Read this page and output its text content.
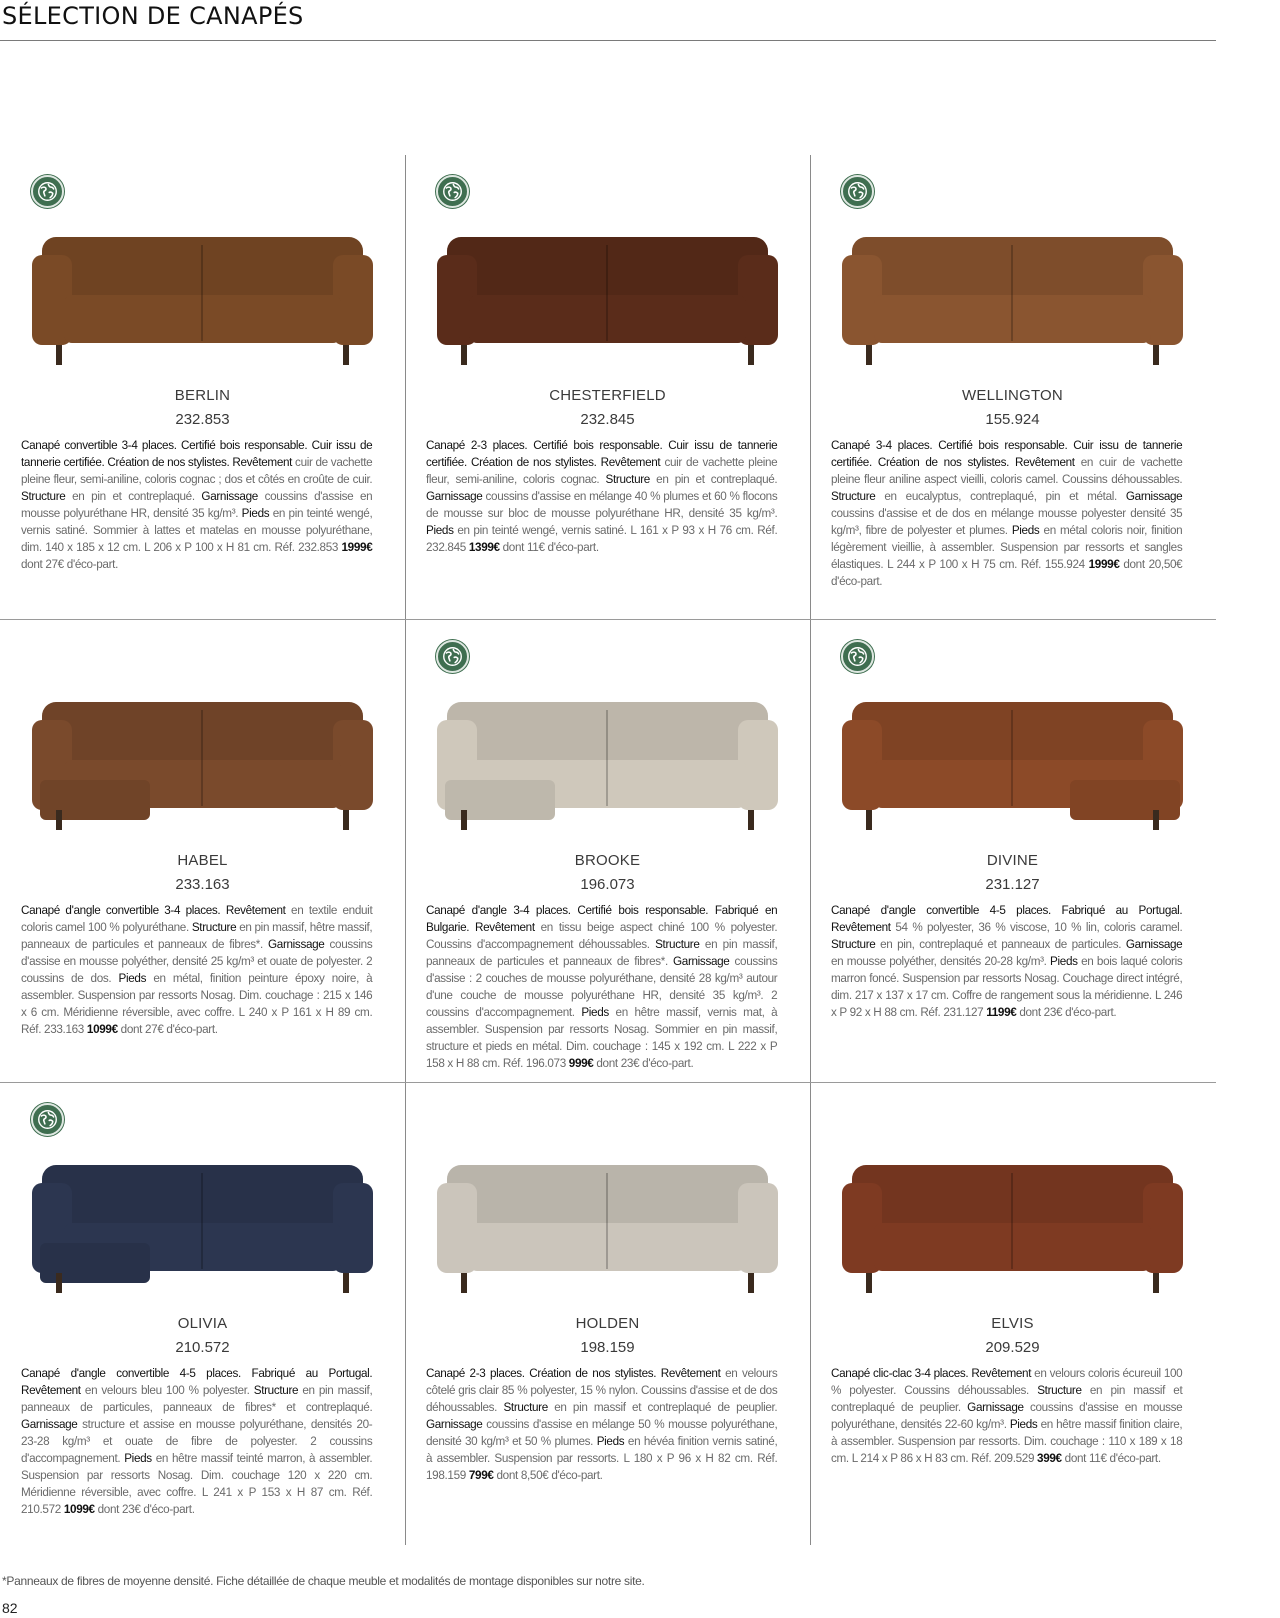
SÉLECTION DE CANAPÉS
BERLIN
232.853
Canapé convertible 3-4 places. Certifié bois responsable. Cuir issu de tannerie certifiée. Création de nos stylistes. Revêtement cuir de vachette pleine fleur, semi-aniline, coloris cognac ; dos et côtés en croûte de cuir. Structure en pin et contreplaqué. Garnissage coussins d'assise en mousse polyuréthane HR, densité 35 kg/m³. Pieds en pin teinté wengé, vernis satiné. Sommier à lattes et matelas en mousse polyuréthane, dim. 140 x 185 x 12 cm. L 206 x P 100 x H 81 cm. Réf. 232.853 1999€ dont 27€ d'éco-part.
CHESTERFIELD
232.845
Canapé 2-3 places. Certifié bois responsable. Cuir issu de tannerie certifiée. Création de nos stylistes. Revêtement cuir de vachette pleine fleur, semi-aniline, coloris cognac. Structure en pin et contreplaqué. Garnissage coussins d'assise en mélange 40 % plumes et 60 % flocons de mousse sur bloc de mousse polyuréthane HR, densité 35 kg/m³. Pieds en pin teinté wengé, vernis satiné. L 161 x P 93 x H 76 cm. Réf. 232.845 1399€ dont 11€ d'éco-part.
WELLINGTON
155.924
Canapé 3-4 places. Certifié bois responsable. Cuir issu de tannerie certifiée. Création de nos stylistes. Revêtement en cuir de vachette pleine fleur aniline aspect vieilli, coloris camel. Coussins déhoussables. Structure en eucalyptus, contreplaqué, pin et métal. Garnissage coussins d'assise et de dos en mélange mousse polyester densité 35 kg/m³, fibre de polyester et plumes. Pieds en métal coloris noir, finition légèrement vieillie, à assembler. Suspension par ressorts et sangles élastiques. L 244 x P 100 x H 75 cm. Réf. 155.924 1999€ dont 20,50€ d'éco-part.
HABEL
233.163
Canapé d'angle convertible 3-4 places. Revêtement en textile enduit coloris camel 100 % polyuréthane. Structure en pin massif, hêtre massif, panneaux de particules et panneaux de fibres*. Garnissage coussins d'assise en mousse polyéther, densité 25 kg/m³ et ouate de polyester. 2 coussins de dos. Pieds en métal, finition peinture époxy noire, à assembler. Suspension par ressorts Nosag. Dim. couchage : 215 x 146 x 6 cm. Méridienne réversible, avec coffre. L 240 x P 161 x H 89 cm. Réf. 233.163 1099€ dont 27€ d'éco-part.
BROOKE
196.073
Canapé d'angle 3-4 places. Certifié bois responsable. Fabriqué en Bulgarie. Revêtement en tissu beige aspect chiné 100 % polyester. Coussins d'accompagnement déhoussables. Structure en pin massif, panneaux de particules et panneaux de fibres*. Garnissage coussins d'assise : 2 couches de mousse polyuréthane, densité 28 kg/m³ autour d'une couche de mousse polyuréthane HR, densité 35 kg/m³. 2 coussins d'accompagnement. Pieds en hêtre massif, vernis mat, à assembler. Suspension par ressorts Nosag. Sommier en pin massif, structure et pieds en métal. Dim. couchage : 145 x 192 cm. L 222 x P 158 x H 88 cm. Réf. 196.073 999€ dont 23€ d'éco-part.
DIVINE
231.127
Canapé d'angle convertible 4-5 places. Fabriqué au Portugal. Revêtement 54 % polyester, 36 % viscose, 10 % lin, coloris caramel. Structure en pin, contreplaqué et panneaux de particules. Garnissage en mousse polyéther, densités 20-28 kg/m³. Pieds en bois laqué coloris marron foncé. Suspension par ressorts Nosag. Couchage direct intégré, dim. 217 x 137 x 17 cm. Coffre de rangement sous la méridienne. L 246 x P 92 x H 88 cm. Réf. 231.127 1199€ dont 23€ d'éco-part.
OLIVIA
210.572
Canapé d'angle convertible 4-5 places. Fabriqué au Portugal. Revêtement en velours bleu 100 % polyester. Structure en pin massif, panneaux de particules, panneaux de fibres* et contreplaqué. Garnissage structure et assise en mousse polyuréthane, densités 20-23-28 kg/m³ et ouate de fibre de polyester. 2 coussins d'accompagnement. Pieds en hêtre massif teinté marron, à assembler. Suspension par ressorts Nosag. Dim. couchage 120 x 220 cm. Méridienne réversible, avec coffre. L 241 x P 153 x H 87 cm. Réf. 210.572 1099€ dont 23€ d'éco-part.
HOLDEN
198.159
Canapé 2-3 places. Création de nos stylistes. Revêtement en velours côtelé gris clair 85 % polyester, 15 % nylon. Coussins d'assise et de dos déhoussables. Structure en pin massif et contreplaqué de peuplier. Garnissage coussins d'assise en mélange 50 % mousse polyuréthane, densité 30 kg/m³ et 50 % plumes. Pieds en hévéa finition vernis satiné, à assembler. Suspension par ressorts. L 180 x P 96 x H 82 cm. Réf. 198.159 799€ dont 8,50€ d'éco-part.
ELVIS
209.529
Canapé clic-clac 3-4 places. Revêtement en velours coloris écureuil 100 % polyester. Coussins déhoussables. Structure en pin massif et contreplaqué de peuplier. Garnissage coussins d'assise en mousse polyuréthane, densités 22-60 kg/m³. Pieds en hêtre massif finition claire, à assembler. Suspension par ressorts. Dim. couchage : 110 x 189 x 18 cm. L 214 x P 86 x H 83 cm. Réf. 209.529 399€ dont 11€ d'éco-part.
*Panneaux de fibres de moyenne densité. Fiche détaillée de chaque meuble et modalités de montage disponibles sur notre site.
82
